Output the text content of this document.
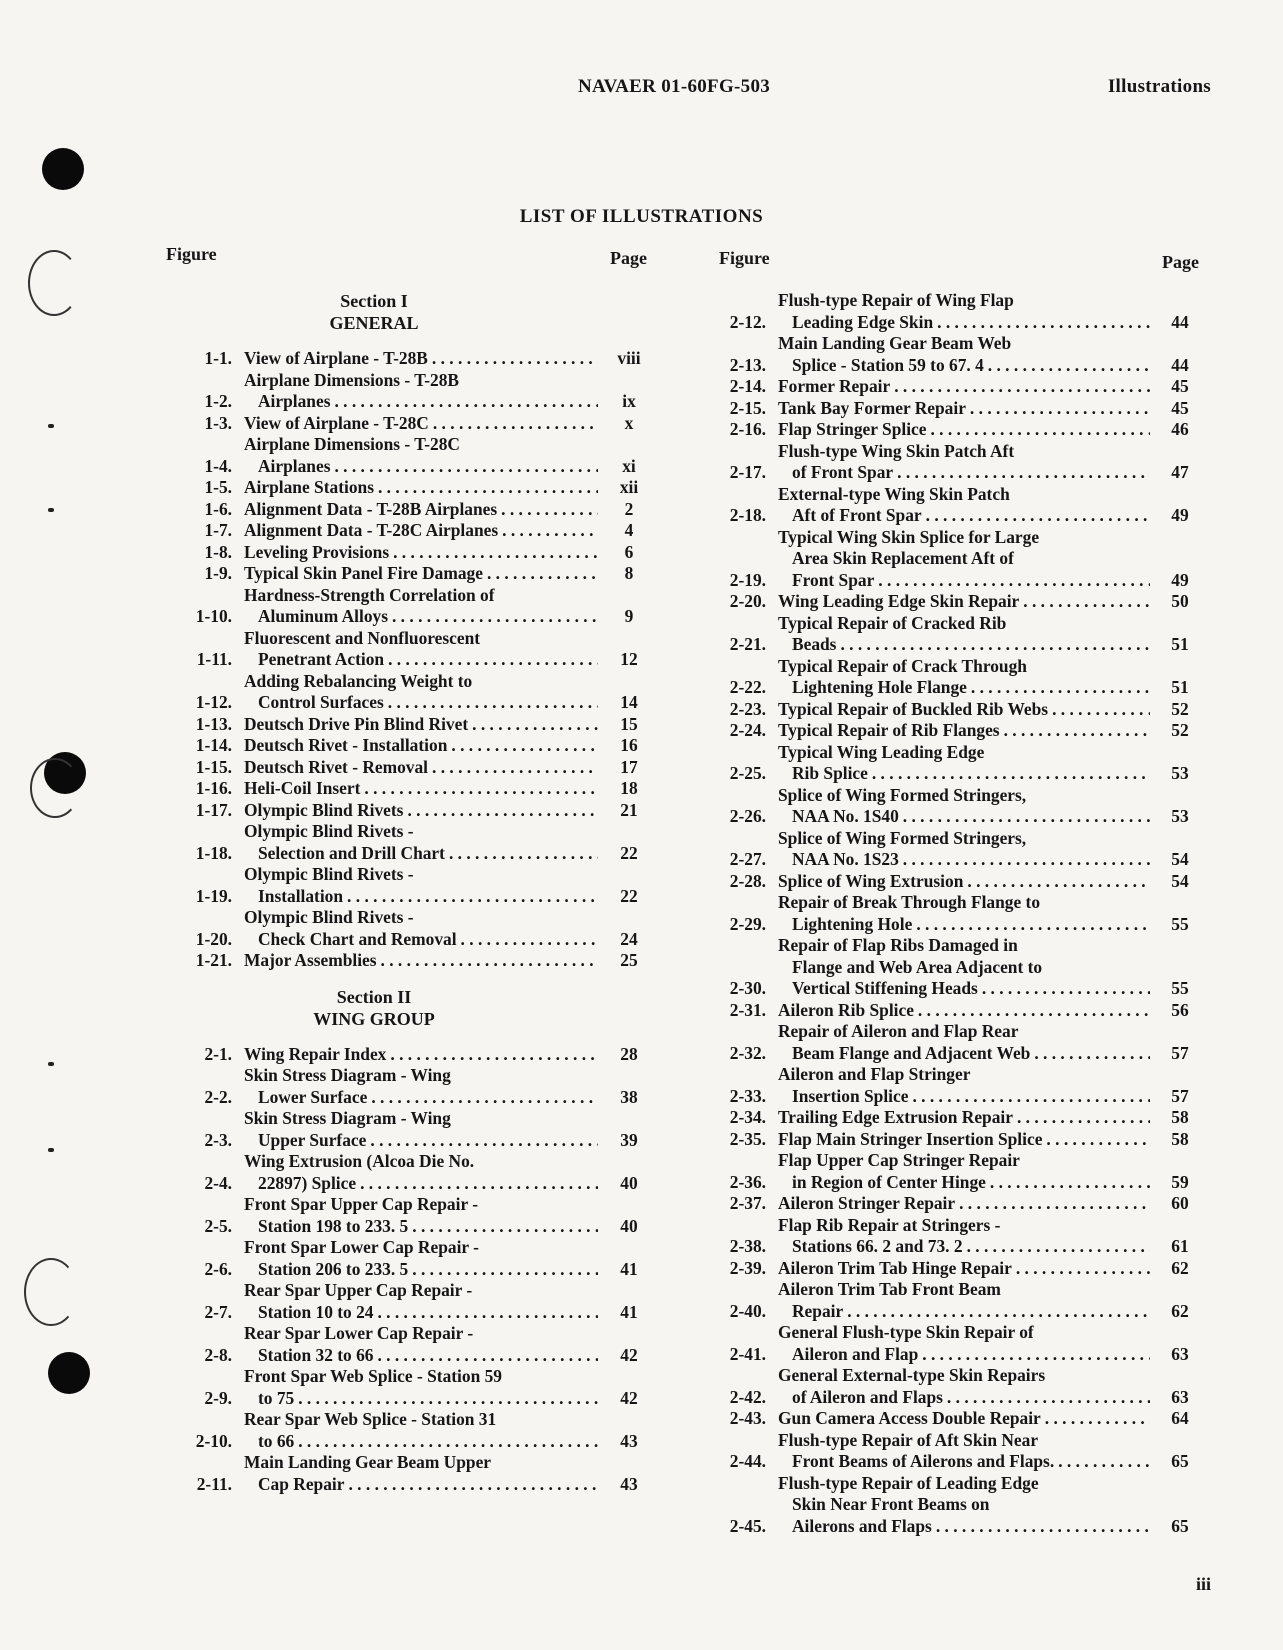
NAVAER 01-60FG-503	Illustrations
LIST OF ILLUSTRATIONS
Figure	Page	Figure	Page
Section I
GENERAL
1-1. View of Airplane - T-28B . . .	viii
1-2.
Airplane Dimensions - T-28B
Airplanes . . .	ix
1-3. View of Airplane - T-28C . . .	x
1-4.
Airplane Dimensions - T-28C
Airplanes . . .	xi
1-5. Airplane Stations . . .	xii
1-6. Alignment Data - T-28B Airplanes . . .	2
1-7. Alignment Data - T-28C Airplanes . . .	4
1-8. Leveling Provisions . . .	6
1-9. Typical Skin Panel Fire Damage . . .	8
1-10.
Hardness-Strength Correlation of
Aluminum Alloys . . .	9
1-11.
Fluorescent and Nonfluorescent
Penetrant Action . . .	12
1-12.
Adding Rebalancing Weight to
Control Surfaces . . .	14
1-13. Deutsch Drive Pin Blind Rivet . . .	15
1-14. Deutsch Rivet - Installation . . .	16
1-15. Deutsch Rivet - Removal . . .	17
1-16. Heli-Coil Insert . . .	18
1-17. Olympic Blind Rivets . . .	21
1-18.
Olympic Blind Rivets -
Selection and Drill Chart . . .	22
1-19.
Olympic Blind Rivets -
Installation . . .	22
1-20.
Olympic Blind Rivets -
Check Chart and Removal . . .	24
1-21. Major Assemblies . . .	25
Section II
WING GROUP
2-1. Wing Repair Index . . .	28
2-2.
Skin Stress Diagram - Wing
Lower Surface . . .	38
2-3.
Skin Stress Diagram - Wing
Upper Surface . . .	39
2-4.
Wing Extrusion (Alcoa Die No.
22897) Splice . . .	40
2-5.
Front Spar Upper Cap Repair -
Station 198 to 233. 5 . . .	40
2-6.
Front Spar Lower Cap Repair -
Station 206 to 233. 5 . . .	41
2-7.
Rear Spar Upper Cap Repair -
Station 10 to 24 . . .	41
2-8.
Rear Spar Lower Cap Repair -
Station 32 to 66 . . .	42
2-9.
Front Spar Web Splice - Station 59
to 75 . . .	42
2-10.
Rear Spar Web Splice - Station 31
to 66 . . .	43
2-11.
Main Landing Gear Beam Upper
Cap Repair . . .	43
2-12.
Flush-type Repair of Wing Flap
Leading Edge Skin . . .	44
2-13.
Main Landing Gear Beam Web
Splice - Station 59 to 67. 4 . . .	44
2-14. Former Repair . . .	45
2-15. Tank Bay Former Repair . . .	45
2-16. Flap Stringer Splice . . .	46
2-17.
Flush-type Wing Skin Patch Aft
of Front Spar . . .	47
2-18.
External-type Wing Skin Patch
Aft of Front Spar . . .	49
2-19.
Typical Wing Skin Splice for Large
Area Skin Replacement Aft of
Front Spar . . .	49
2-20. Wing Leading Edge Skin Repair . . .	50
2-21.
Typical Repair of Cracked Rib
Beads . . .	51
2-22.
Typical Repair of Crack Through
Lightening Hole Flange . . .	51
2-23. Typical Repair of Buckled Rib Webs . . .	52
2-24. Typical Repair of Rib Flanges . . .	52
2-25.
Typical Wing Leading Edge
Rib Splice . . .	53
2-26.
Splice of Wing Formed Stringers,
NAA No. 1S40 . . .	53
2-27.
Splice of Wing Formed Stringers,
NAA No. 1S23 . . .	54
2-28. Splice of Wing Extrusion . . .	54
2-29.
Repair of Break Through Flange to
Lightening Hole . . .	55
2-30.
Repair of Flap Ribs Damaged in
Flange and Web Area Adjacent to
Vertical Stiffening Heads . . .	55
2-31. Aileron Rib Splice . . .	56
2-32.
Repair of Aileron and Flap Rear
Beam Flange and Adjacent Web . . .	57
2-33.
Aileron and Flap Stringer
Insertion Splice . . .	57
2-34. Trailing Edge Extrusion Repair . . .	58
2-35. Flap Main Stringer Insertion Splice . . .	58
2-36.
Flap Upper Cap Stringer Repair
in Region of Center Hinge . . .	59
2-37. Aileron Stringer Repair . . .	60
2-38.
Flap Rib Repair at Stringers -
Stations 66. 2 and 73. 2 . . .	61
2-39. Aileron Trim Tab Hinge Repair . . .	62
2-40.
Aileron Trim Tab Front Beam
Repair . . .	62
2-41.
General Flush-type Skin Repair of
Aileron and Flap . . .	63
2-42.
General External-type Skin Repairs
of Aileron and Flaps . . .	63
2-43. Gun Camera Access Double Repair . . .	64
2-44.
Flush-type Repair of Aft Skin Near
Front Beams of Ailerons and Flaps. . . .	65
2-45.
Flush-type Repair of Leading Edge
Skin Near Front Beams on
Ailerons and Flaps . . .	65
iii
